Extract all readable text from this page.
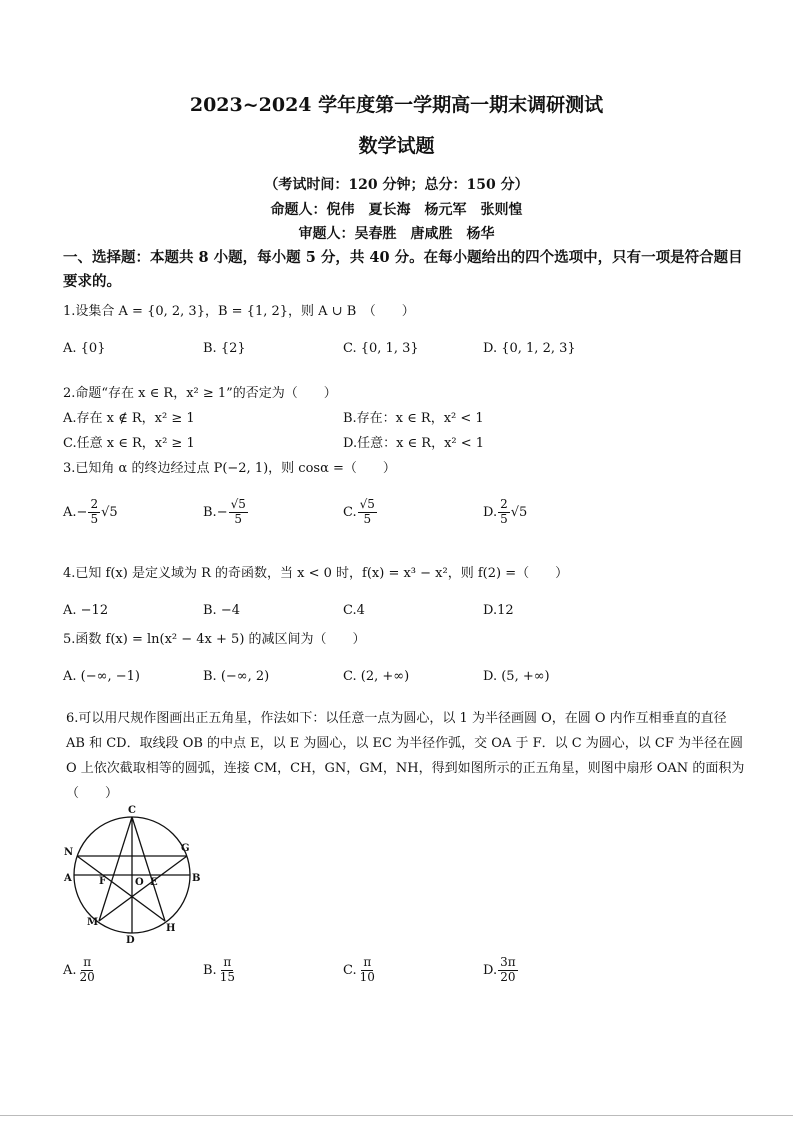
2023~2024 学年度第一学期高一期末调研测试
数学试题
（考试时间：120 分钟；总分：150 分）
命题人：倪伟　夏长海　杨元军　张则惶
审题人：吴春胜　唐咸胜　杨华
一、选择题：本题共 8 小题，每小题 5 分，共 40 分。在每小题给出的四个选项中，只有一项是符合题目要求的。
1.设集合 A = {0, 2, 3}，B = {1, 2}，则 A ∪ B　（　　）
A. {0}	B. {2}	C. {0, 1, 3}	D. {0, 1, 2, 3}
2.命题“存在 x ∈ R，x² ≥ 1”的否定为（　　）
A.存在 x ∉ R，x² ≥ 1	B.存在：x ∈ R，x² < 1
C.任意 x ∈ R，x² ≥ 1	D.任意：x ∈ R，x² < 1
3.已知角 α 的终边经过点 P(−2, 1)，则 cosα =（　　）
$A.- \frac{2}{5} √5$	$B.- \frac{√5}{5}$	C. $\frac{√5}{5}$	D. $\frac{2}{5} √5$
4.已知 f(x) 是定义域为 R 的奇函数，当 x < 0 时，f(x) = x³ − x²，则 f(2) =（　　）
A. −12	B. −4	C.4	D.12
5.函数 f(x) = ln(x² − 4x + 5) 的减区间为（　　）
A. (−∞, −1)	B. (−∞, 2)	C. (2, +∞)	D. (5, +∞)
6.可以用尺规作图画出正五角星，作法如下：以任意一点为圆心，以 1 为半径画圆 O，在圆 O 内作互相垂直的直径 AB 和 CD．取线段 OB 的中点 E，以 E 为圆心，以 EC 为半径作弧，交 OA 于 F．以 C 为圆心，以 CF 为半径在圆 O 上依次截取相等的圆弧，连接 CM，CH，GN，GM，NH，得到如图所示的正五角星，则图中扇形 OAN 的面积为（　　）
C
N	G
A	F	O E	B
M
D
H
A. $\frac{\pi}{20}$	B. $\frac{\pi}{15}$	C. $\frac{\pi}{10}$	D. $\frac{3\pi}{20}$
